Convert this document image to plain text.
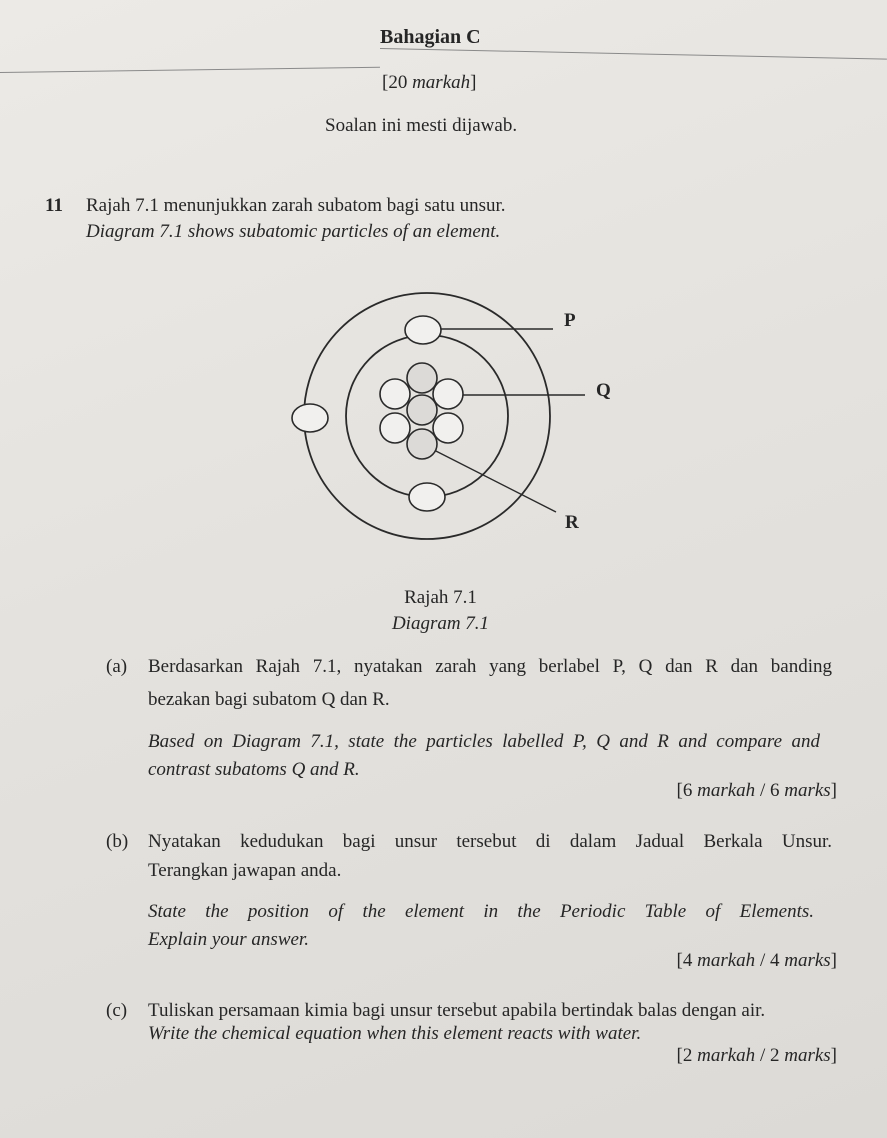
Bahagian C
[20 markah]
Soalan ini mesti dijawab.
11 Rajah 7.1 menunjukkan zarah subatom bagi satu unsur.
Diagram 7.1 shows subatomic particles of an element.
P
Q
R
Rajah 7.1
Diagram 7.1
(a) Berdasarkan Rajah 7.1, nyatakan zarah yang berlabel P, Q dan R dan banding
bezakan bagi subatom Q dan R.
Based on Diagram 7.1, state the particles labelled P, Q and R and compare and
contrast subatoms Q and R.
[6 markah / 6 marks]
(b) Nyatakan kedudukan bagi unsur tersebut di dalam Jadual Berkala Unsur.
Terangkan jawapan anda.
State the position of the element in the Periodic Table of Elements.
Explain your answer.
[4 markah / 4 marks]
(c) Tuliskan persamaan kimia bagi unsur tersebut apabila bertindak balas dengan air.
Write the chemical equation when this element reacts with water.
[2 markah / 2 marks]
